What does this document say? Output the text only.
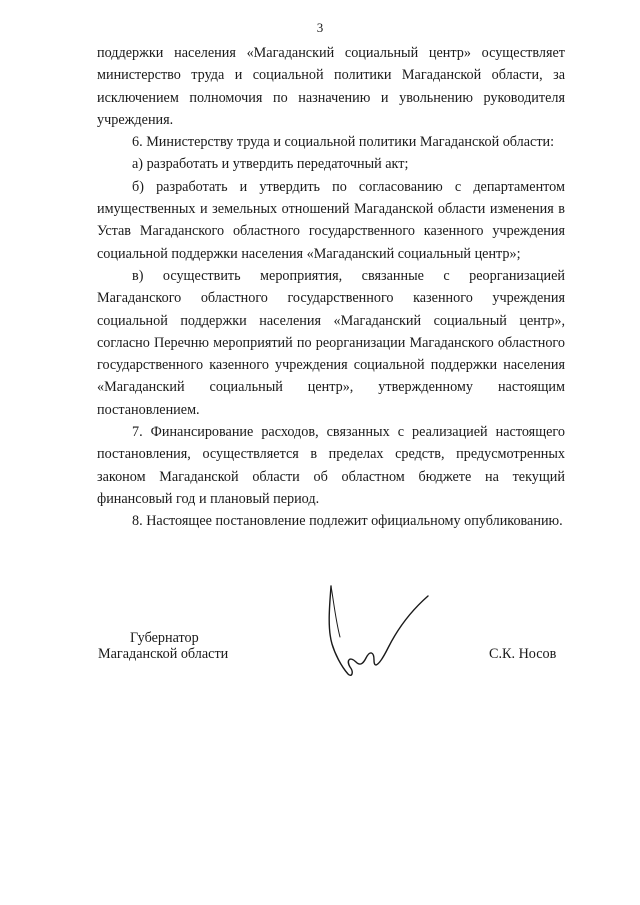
3

поддержки населения «Магаданский социальный центр» осуществляет министерство труда и социальной политики Магаданской области, за исключением полномочия по назначению и увольнению руководителя учреждения.

6. Министерству труда и социальной политики Магаданской области:

а) разработать и утвердить передаточный акт;

б) разработать и утвердить по согласованию с департаментом имущественных и земельных отношений Магаданской области изменения в Устав Магаданского областного государственного казенного учреждения социальной поддержки населения «Магаданский социальный центр»;

в) осуществить мероприятия, связанные с реорганизацией Магаданского областного государственного казенного учреждения социальной поддержки населения «Магаданский социальный центр», согласно Перечню мероприятий по реорганизации Магаданского областного государственного казенного учреждения социальной поддержки населения «Магаданский социальный центр», утвержденному настоящим постановлением.

7. Финансирование расходов, связанных с реализацией настоящего постановления, осуществляется в пределах средств, предусмотренных законом Магаданской области об областном бюджете на текущий финансовый год и плановый период.

8. Настоящее постановление подлежит официальному опубликованию.

Губернатор
Магаданской области	С.К. Носов
